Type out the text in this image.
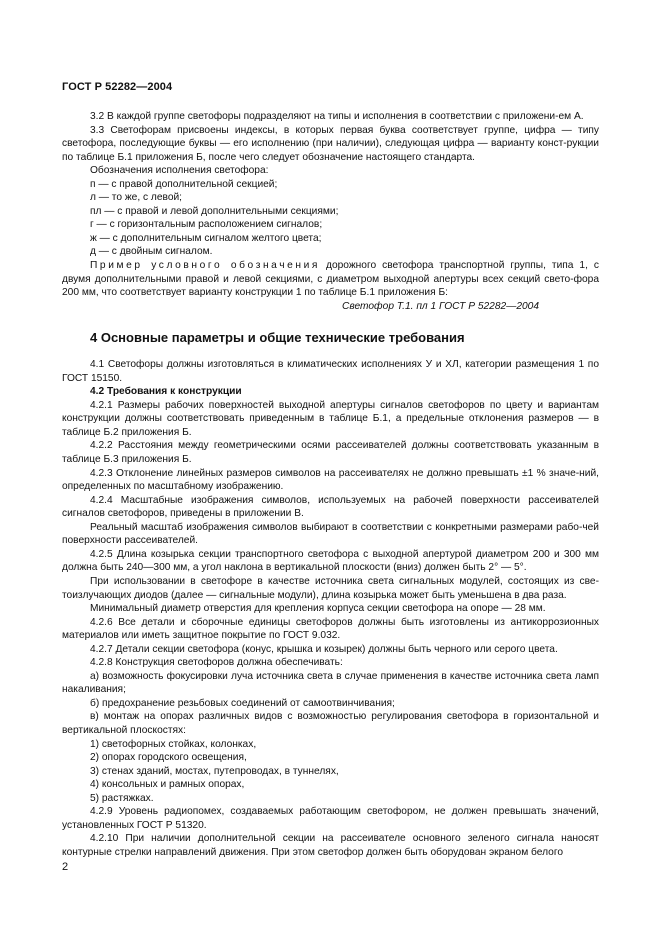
ГОСТ Р 52282—2004

3.2 В каждой группе светофоры подразделяют на типы и исполнения в соответствии с приложени-ем А.

3.3 Светофорам присвоены индексы, в которых первая буква соответствует группе, цифра — типу светофора, последующие буквы — его исполнению (при наличии), следующая цифра — варианту конст-рукции по таблице Б.1 приложения Б, после чего следует обозначение настоящего стандарта.

Обозначения исполнения светофора:

п — с правой дополнительной секцией;

л — то же, с левой;

пл — с правой и левой дополнительными секциями;

г — с горизонтальным расположением сигналов;

ж — с дополнительным сигналом желтого цвета;

д — с двойным сигналом.

Пример условного обозначения дорожного светофора транспортной группы, типа 1, с двумя дополнительными правой и левой секциями, с диаметром выходной апертуры всех секций свето-фора 200 мм, что соответствует варианту конструкции 1 по таблице Б.1 приложения Б:

Светофор Т.1. пл 1 ГОСТ Р 52282—2004

4 Основные параметры и общие технические требования

4.1 Светофоры должны изготовляться в климатических исполнениях У и ХЛ, категории размещения 1 по ГОСТ 15150.

4.2 Требования к конструкции

4.2.1 Размеры рабочих поверхностей выходной апертуры сигналов светофоров по цвету и вариантам конструкции должны соответствовать приведенным в таблице Б.1, а предельные отклонения размеров — в таблице Б.2 приложения Б.

4.2.2 Расстояния между геометрическими осями рассеивателей должны соответствовать указанным в таблице Б.3 приложения Б.

4.2.3 Отклонение линейных размеров символов на рассеивателях не должно превышать ±1 % значе-ний, определенных по масштабному изображению.

4.2.4 Масштабные изображения символов, используемых на рабочей поверхности рассеивателей сигналов светофоров, приведены в приложении В.

Реальный масштаб изображения символов выбирают в соответствии с конкретными размерами рабо-чей поверхности рассеивателей.

4.2.5 Длина козырька секции транспортного светофора с выходной апертурой диаметром 200 и 300 мм должна быть 240—300 мм, а угол наклона в вертикальной плоскости (вниз) должен быть 2° — 5°.

При использовании в светофоре в качестве источника света сигнальных модулей, состоящих из све-тоизлучающих диодов (далее — сигнальные модули), длина козырька может быть уменьшена в два раза.

Минимальный диаметр отверстия для крепления корпуса секции светофора на опоре — 28 мм.

4.2.6 Все детали и сборочные единицы светофоров должны быть изготовлены из антикоррозионных материалов или иметь защитное покрытие по ГОСТ 9.032.

4.2.7 Детали секции светофора (конус, крышка и козырек) должны быть черного или серого цвета.

4.2.8 Конструкция светофоров должна обеспечивать:

а) возможность фокусировки луча источника света в случае применения в качестве источника света ламп накаливания;

б) предохранение резьбовых соединений от самоотвинчивания;

в) монтаж на опорах различных видов с возможностью регулирования светофора в горизонтальной и вертикальной плоскостях:

1) светофорных стойках, колонках,

2) опорах городского освещения,

3) стенах зданий, мостах, путепроводах, в туннелях,

4) консольных и рамных опорах,

5) растяжках.

4.2.9 Уровень радиопомех, создаваемых работающим светофором, не должен превышать значений, установленных ГОСТ Р 51320.

4.2.10 При наличии дополнительной секции на рассеивателе основного зеленого сигнала наносят контурные стрелки направлений движения. При этом светофор должен быть оборудован экраном белого

2
